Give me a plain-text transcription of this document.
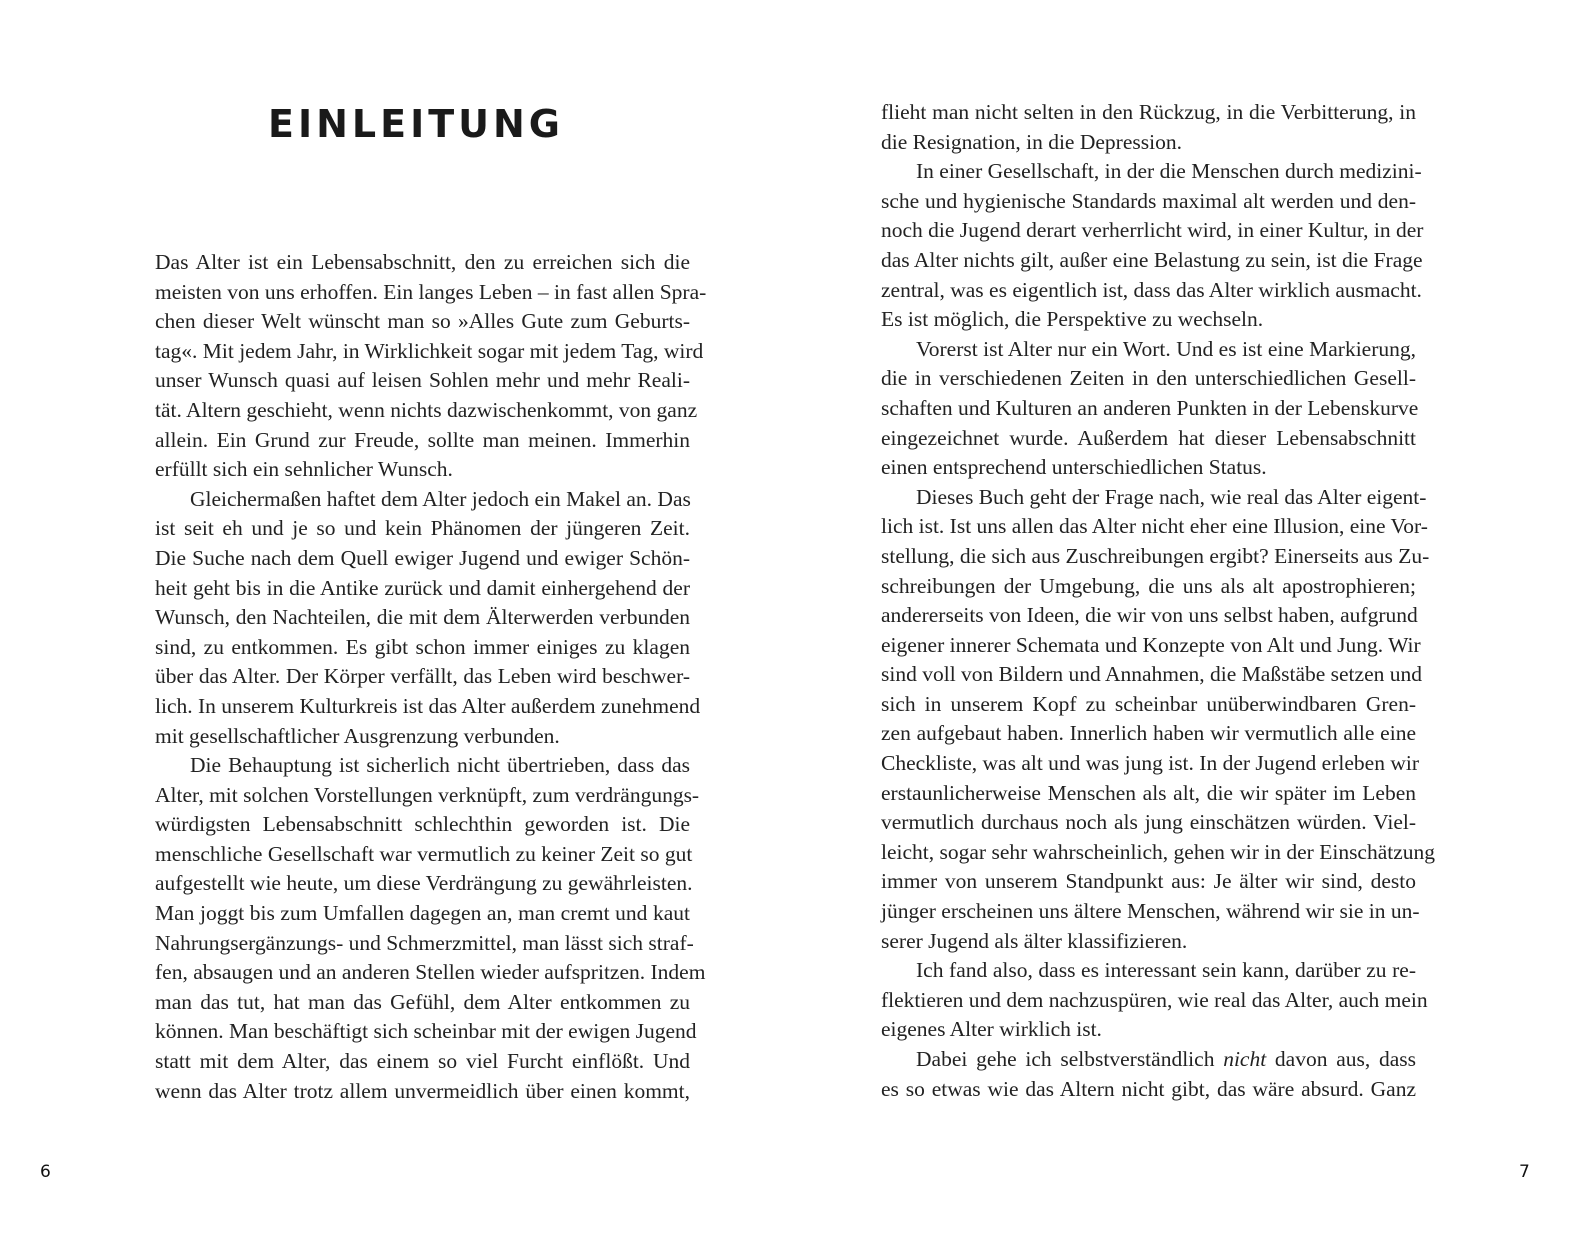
EINLEITUNG
Das Alter ist ein Lebensabschnitt, den zu erreichen sich die
meisten von uns erhoffen. Ein langes Leben – in fast allen Spra-
chen dieser Welt wünscht man so »Alles Gute zum Geburts-
tag«. Mit jedem Jahr, in Wirklichkeit sogar mit jedem Tag, wird
unser Wunsch quasi auf leisen Sohlen mehr und mehr Reali-
tät. Altern geschieht, wenn nichts dazwischenkommt, von ganz
allein. Ein Grund zur Freude, sollte man meinen. Immerhin
erfüllt sich ein sehnlicher Wunsch.
Gleichermaßen haftet dem Alter jedoch ein Makel an. Das
ist seit eh und je so und kein Phänomen der jüngeren Zeit.
Die Suche nach dem Quell ewiger Jugend und ewiger Schön-
heit geht bis in die Antike zurück und damit einhergehend der
Wunsch, den Nachteilen, die mit dem Älterwerden verbunden
sind, zu entkommen. Es gibt schon immer einiges zu klagen
über das Alter. Der Körper verfällt, das Leben wird beschwer-
lich. In unserem Kulturkreis ist das Alter außerdem zunehmend
mit gesellschaftlicher Ausgrenzung verbunden.
Die Behauptung ist sicherlich nicht übertrieben, dass das
Alter, mit solchen Vorstellungen verknüpft, zum verdrängungs-
würdigsten Lebensabschnitt schlechthin geworden ist. Die
menschliche Gesellschaft war vermutlich zu keiner Zeit so gut
aufgestellt wie heute, um diese Verdrängung zu gewährleisten.
Man joggt bis zum Umfallen dagegen an, man cremt und kaut
Nahrungsergänzungs- und Schmerzmittel, man lässt sich straf-
fen, absaugen und an anderen Stellen wieder aufspritzen. Indem
man das tut, hat man das Gefühl, dem Alter entkommen zu
können. Man beschäftigt sich scheinbar mit der ewigen Jugend
statt mit dem Alter, das einem so viel Furcht einflößt. Und
wenn das Alter trotz allem unvermeidlich über einen kommt,
6
flieht man nicht selten in den Rückzug, in die Verbitterung, in
die Resignation, in die Depression.
In einer Gesellschaft, in der die Menschen durch medizini-
sche und hygienische Standards maximal alt werden und den-
noch die Jugend derart verherrlicht wird, in einer Kultur, in der
das Alter nichts gilt, außer eine Belastung zu sein, ist die Frage
zentral, was es eigentlich ist, dass das Alter wirklich ausmacht.
Es ist möglich, die Perspektive zu wechseln.
Vorerst ist Alter nur ein Wort. Und es ist eine Markierung,
die in verschiedenen Zeiten in den unterschiedlichen Gesell-
schaften und Kulturen an anderen Punkten in der Lebenskurve
eingezeichnet wurde. Außerdem hat dieser Lebensabschnitt
einen entsprechend unterschiedlichen Status.
Dieses Buch geht der Frage nach, wie real das Alter eigent-
lich ist. Ist uns allen das Alter nicht eher eine Illusion, eine Vor-
stellung, die sich aus Zuschreibungen ergibt? Einerseits aus Zu-
schreibungen der Umgebung, die uns als alt apostrophieren;
andererseits von Ideen, die wir von uns selbst haben, aufgrund
eigener innerer Schemata und Konzepte von Alt und Jung. Wir
sind voll von Bildern und Annahmen, die Maßstäbe setzen und
sich in unserem Kopf zu scheinbar unüberwindbaren Gren-
zen aufgebaut haben. Innerlich haben wir vermutlich alle eine
Checkliste, was alt und was jung ist. In der Jugend erleben wir
erstaunlicherweise Menschen als alt, die wir später im Leben
vermutlich durchaus noch als jung einschätzen würden. Viel-
leicht, sogar sehr wahrscheinlich, gehen wir in der Einschätzung
immer von unserem Standpunkt aus: Je älter wir sind, desto
jünger erscheinen uns ältere Menschen, während wir sie in un-
serer Jugend als älter klassifizieren.
Ich fand also, dass es interessant sein kann, darüber zu re-
flektieren und dem nachzuspüren, wie real das Alter, auch mein
eigenes Alter wirklich ist.
Dabei gehe ich selbstverständlich nicht davon aus, dass
es so etwas wie das Altern nicht gibt, das wäre absurd. Ganz
7
